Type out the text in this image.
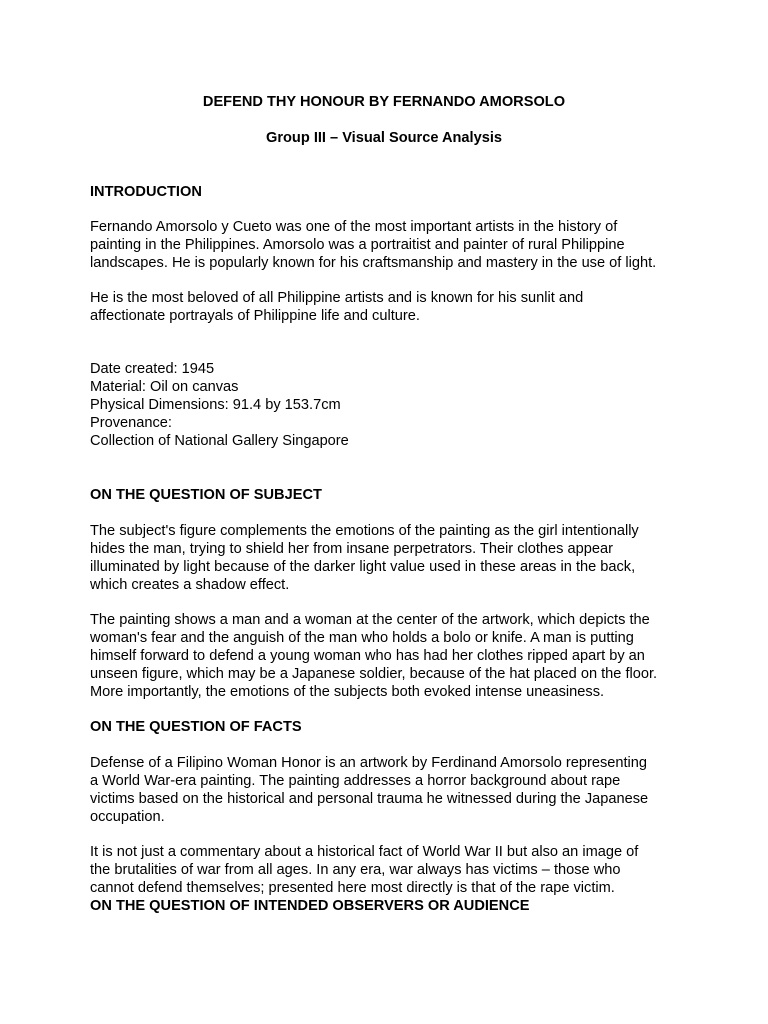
DEFEND THY HONOUR BY FERNANDO AMORSOLO
Group III – Visual Source Analysis
INTRODUCTION
Fernando Amorsolo y Cueto was one of the most important artists in the history of
painting in the Philippines. Amorsolo was a portraitist and painter of rural Philippine
landscapes. He is popularly known for his craftsmanship and mastery in the use of light.
He is the most beloved of all Philippine artists and is known for his sunlit and
affectionate portrayals of Philippine life and culture.
Date created: 1945
Material: Oil on canvas
Physical Dimensions: 91.4 by 153.7cm
Provenance:
Collection of National Gallery Singapore
ON THE QUESTION OF SUBJECT
The subject's figure complements the emotions of the painting as the girl intentionally
hides the man, trying to shield her from insane perpetrators. Their clothes appear
illuminated by light because of the darker light value used in these areas in the back,
which creates a shadow effect.
The painting shows a man and a woman at the center of the artwork, which depicts the
woman's fear and the anguish of the man who holds a bolo or knife. A man is putting
himself forward to defend a young woman who has had her clothes ripped apart by an
unseen figure, which may be a Japanese soldier, because of the hat placed on the floor.
More importantly, the emotions of the subjects both evoked intense uneasiness.
ON THE QUESTION OF FACTS
Defense of a Filipino Woman Honor is an artwork by Ferdinand Amorsolo representing
a World War-era painting. The painting addresses a horror background about rape
victims based on the historical and personal trauma he witnessed during the Japanese
occupation.
It is not just a commentary about a historical fact of World War II but also an image of
the brutalities of war from all ages. In any era, war always has victims – those who
cannot defend themselves; presented here most directly is that of the rape victim.
ON THE QUESTION OF INTENDED OBSERVERS OR AUDIENCE
